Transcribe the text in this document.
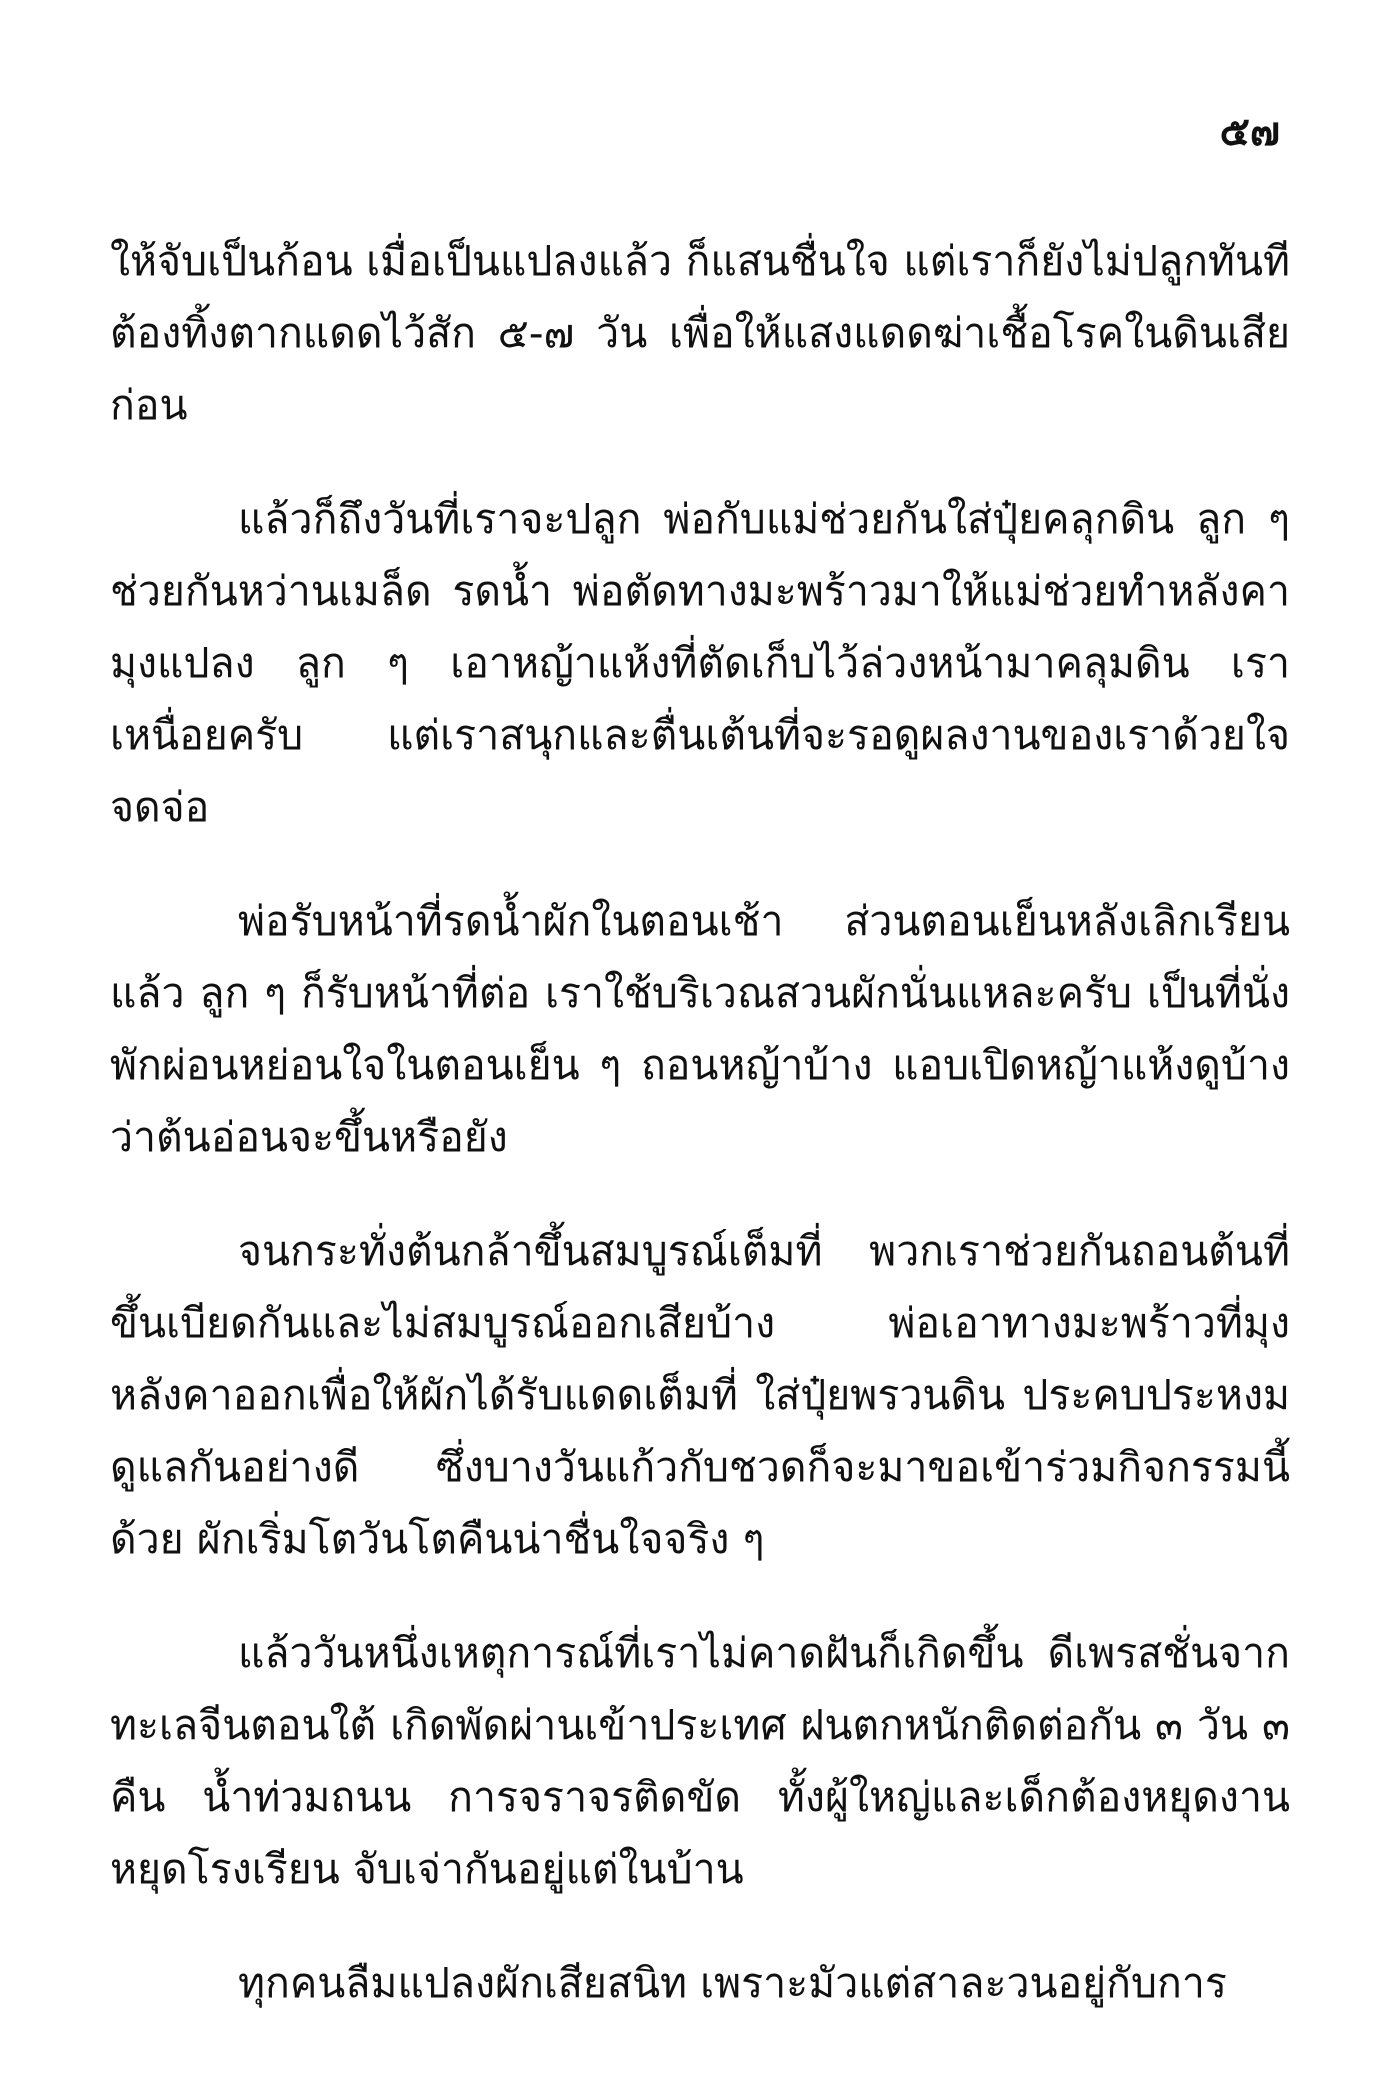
๕๗

ให้จับเป็นก้อน เมื่อเป็นแปลงแล้ว ก็แสนชื่นใจ แต่เราก็ยังไม่ปลูกทันที ต้องทิ้งตากแดดไว้สัก ๕-๗ วัน เพื่อให้แสงแดดฆ่าเชื้อโรคในดินเสียก่อน

แล้วก็ถึงวันที่เราจะปลูก พ่อกับแม่ช่วยกันใส่ปุ๋ยคลุกดิน ลูก ๆ ช่วยกันหว่านเมล็ด รดน้ำ พ่อตัดทางมะพร้าวมาให้แม่ช่วยทำหลังคามุงแปลง ลูก ๆ เอาหญ้าแห้งที่ตัดเก็บไว้ล่วงหน้ามาคลุมดิน เราเหนื่อยครับ แต่เราสนุกและตื่นเต้นที่จะรอดูผลงานของเราด้วยใจจดจ่อ

พ่อรับหน้าที่รดน้ำผักในตอนเช้า ส่วนตอนเย็นหลังเลิกเรียนแล้ว ลูก ๆ ก็รับหน้าที่ต่อ เราใช้บริเวณสวนผักนั่นแหละครับ เป็นที่นั่งพักผ่อนหย่อนใจในตอนเย็น ๆ ถอนหญ้าบ้าง แอบเปิดหญ้าแห้งดูบ้างว่าต้นอ่อนจะขึ้นหรือยัง

จนกระทั่งต้นกล้าขึ้นสมบูรณ์เต็มที่ พวกเราช่วยกันถอนต้นที่ขึ้นเบียดกันและไม่สมบูรณ์ออกเสียบ้าง พ่อเอาทางมะพร้าวที่มุงหลังคาออกเพื่อให้ผักได้รับแดดเต็มที่ ใส่ปุ๋ยพรวนดิน ประคบประหงมดูแลกันอย่างดี ซึ่งบางวันแก้วกับชวดก็จะมาขอเข้าร่วมกิจกรรมนี้ด้วย ผักเริ่มโตวันโตคืนน่าชื่นใจจริง ๆ

แล้ววันหนึ่งเหตุการณ์ที่เราไม่คาดฝันก็เกิดขึ้น ดีเพรสชั่นจากทะเลจีนตอนใต้ เกิดพัดผ่านเข้าประเทศ ฝนตกหนักติดต่อกัน ๓ วัน ๓ คืน น้ำท่วมถนน การจราจรติดขัด ทั้งผู้ใหญ่และเด็กต้องหยุดงาน หยุดโรงเรียน จับเจ่ากันอยู่แต่ในบ้าน

ทุกคนลืมแปลงผักเสียสนิท เพราะมัวแต่สาละวนอยู่กับการ
